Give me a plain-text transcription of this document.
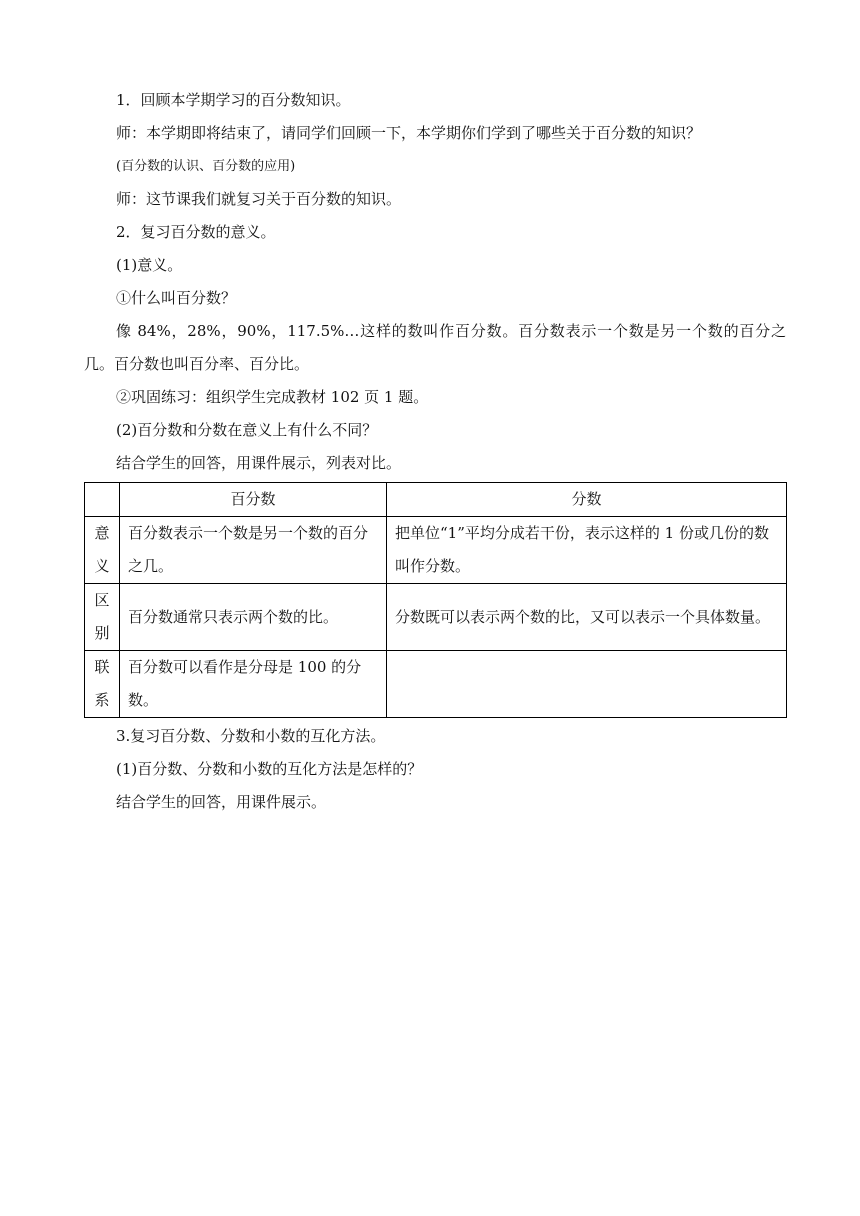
1．回顾本学期学习的百分数知识。
师：本学期即将结束了，请同学们回顾一下，本学期你们学到了哪些关于百分数的知识？
(百分数的认识、百分数的应用)
师：这节课我们就复习关于百分数的知识。
2．复习百分数的意义。
(1)意义。
①什么叫百分数？
像 84%，28%，90%，117.5%…这样的数叫作百分数。百分数表示一个数是另一个数的百分之几。百分数也叫百分率、百分比。
②巩固练习：组织学生完成教材 102 页 1 题。
(2)百分数和分数在意义上有什么不同？
结合学生的回答，用课件展示，列表对比。
	百分数	分数

意
义	百分数表示一个数是另一个数的百分之几。	把单位“1”平均分成若干份，表示这样的 1 份或几份的数叫作分数。

区
别	百分数通常只表示两个数的比。	分数既可以表示两个数的比，又可以表示一个具体数量。

联
系	百分数可以看作是分母是 100 的分数。	
3.复习百分数、分数和小数的互化方法。
(1)百分数、分数和小数的互化方法是怎样的？
结合学生的回答，用课件展示。
